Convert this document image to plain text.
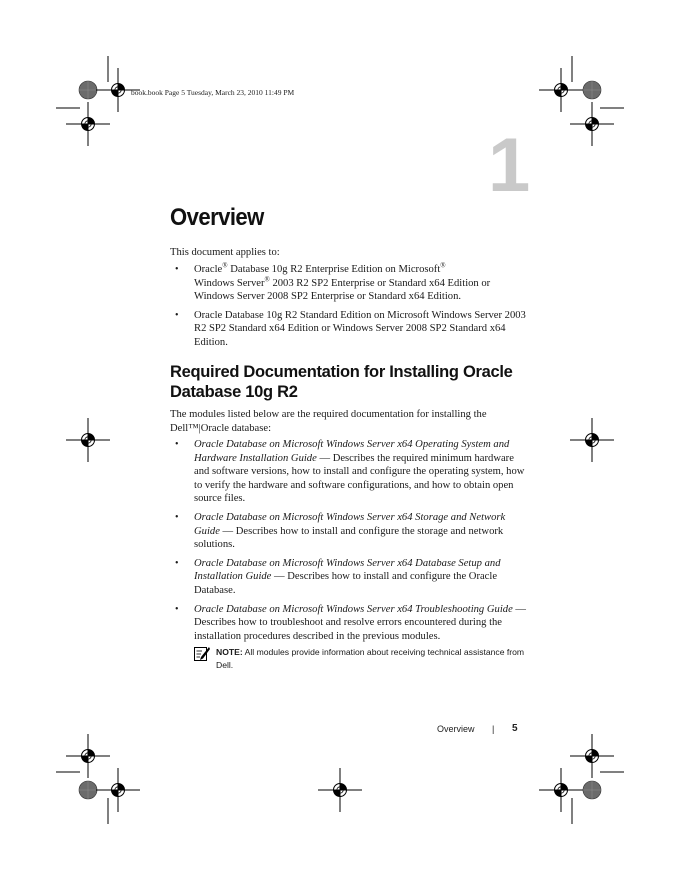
book.book Page 5 Tuesday, March 23, 2010 11:49 PM
1
Overview
This document applies to:
• Oracle® Database 10g R2 Enterprise Edition on Microsoft®
Windows Server® 2003 R2 SP2 Enterprise or Standard x64 Edition or Windows Server 2008 SP2 Enterprise or Standard x64 Edition.
• Oracle Database 10g R2 Standard Edition on Microsoft Windows Server 2003 R2 SP2 Standard x64 Edition or Windows Server 2008 SP2 Standard x64 Edition.
Required Documentation for Installing Oracle Database 10g R2
The modules listed below are the required documentation for installing the Dell™|Oracle database:
• Oracle Database on Microsoft Windows Server x64 Operating System and Hardware Installation Guide — Describes the required minimum hardware and software versions, how to install and configure the operating system, how to verify the hardware and software configurations, and how to obtain open source files.
• Oracle Database on Microsoft Windows Server x64 Storage and Network Guide — Describes how to install and configure the storage and network solutions.
• Oracle Database on Microsoft Windows Server x64 Database Setup and Installation Guide — Describes how to install and configure the Oracle Database.
• Oracle Database on Microsoft Windows Server x64 Troubleshooting Guide — Describes how to troubleshoot and resolve errors encountered during the installation procedures described in the previous modules.
NOTE: All modules provide information about receiving technical assistance from Dell.
Overview | 5
